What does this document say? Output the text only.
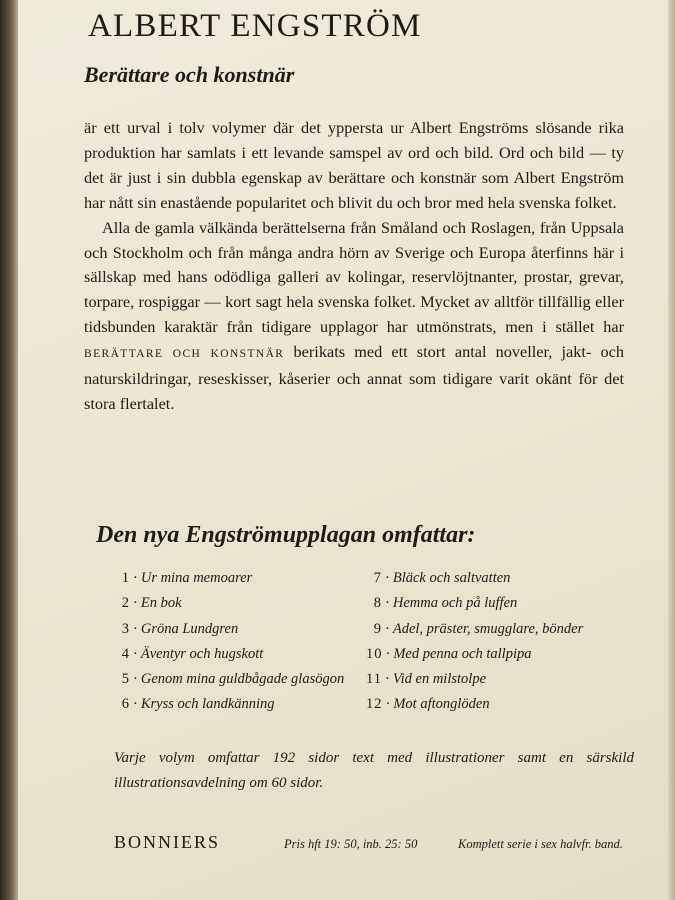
ALBERT ENGSTRÖM
Berättare och konstnär

är ett urval i tolv volymer där det yppersta ur Albert Engströms slösande rika produktion har samlats i ett levande samspel av ord och bild. Ord och bild — ty det är just i sin dubbla egenskap av berättare och konstnär som Albert Engström har nått sin enastående popularitet och blivit du och bror med hela svenska folket.

Alla de gamla välkända berättelserna från Småland och Roslagen, från Uppsala och Stockholm och från många andra hörn av Sverige och Europa återfinns här i sällskap med hans odödliga galleri av kolingar, reservlöjtnanter, prostar, grevar, torpare, rospiggar — kort sagt hela svenska folket. Mycket av alltför tillfällig eller tidsbunden karaktär från tidigare upplagor har utmönstrats, men i stället har BERÄTTARE OCH KONSTNÄR berikats med ett stort antal noveller, jakt- och naturskildringar, reseskisser, kåserier och annat som tidigare varit okänt för det stora flertalet.

Den nya Engströmupplagan omfattar:
1 · Ur mina memoarer
2 · En bok
3 · Gröna Lundgren
4 · Äventyr och hugskott
5 · Genom mina guldbågade glasögon
6 · Kryss och landkänning
7 · Bläck och saltvatten
8 · Hemma och på luffen
9 · Adel, präster, smugglare, bönder
10 · Med penna och tallpipa
11 · Vid en milstolpe
12 · Mot aftonglöden
Varje volym omfattar 192 sidor text med illustrationer samt en särskild illustrationsavdelning om 60 sidor.
BONNIERS	Pris hft 19: 50, inb. 25: 50	Komplett serie i sex halvfr. band.
